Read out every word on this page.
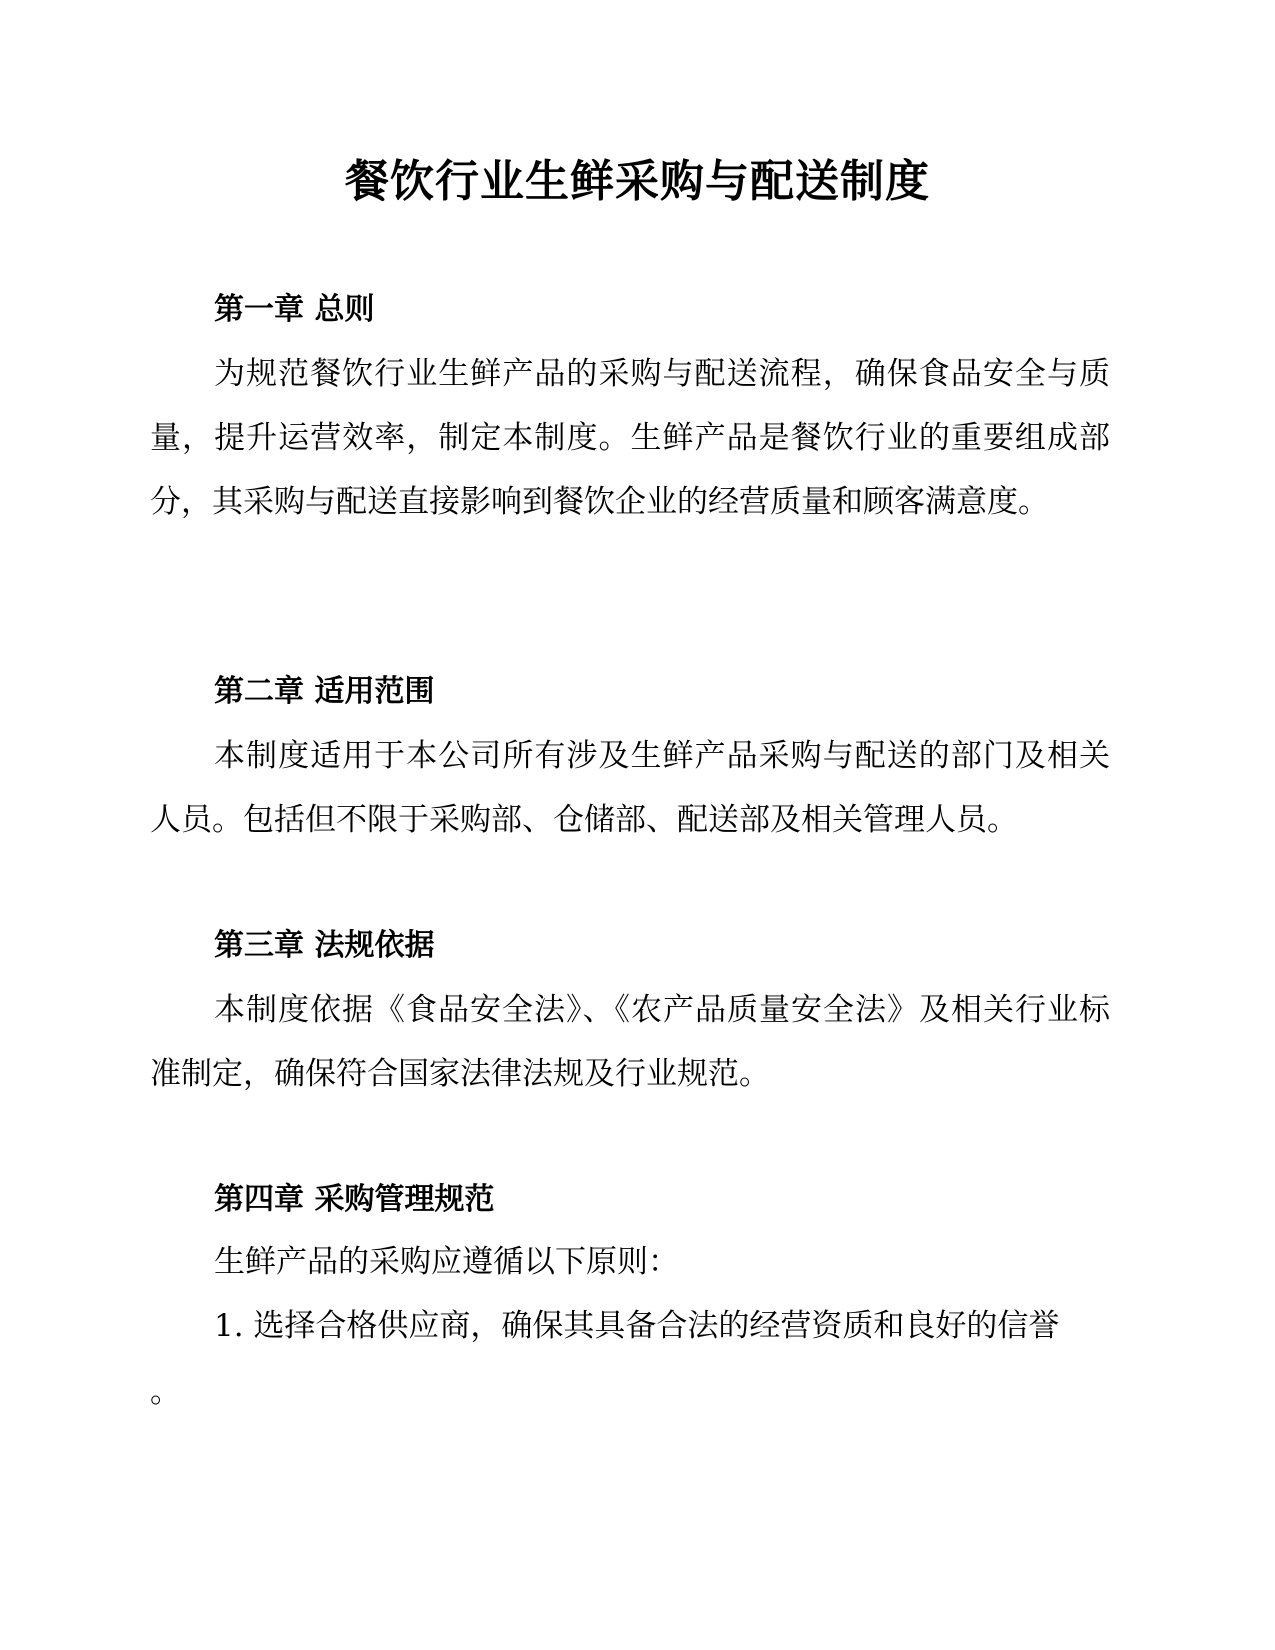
餐饮行业生鲜采购与配送制度
第一章 总则

为规范餐饮行业生鲜产品的采购与配送流程，确保食品安全与质量，提升运营效率，制定本制度。生鲜产品是餐饮行业的重要组成部分，其采购与配送直接影响到餐饮企业的经营质量和顾客满意度。

第二章 适用范围

本制度适用于本公司所有涉及生鲜产品采购与配送的部门及相关人员。包括但不限于采购部、仓储部、配送部及相关管理人员。

第三章 法规依据

本制度依据《食品安全法》、《农产品质量安全法》及相关行业标准制定，确保符合国家法律法规及行业规范。

第四章 采购管理规范

生鲜产品的采购应遵循以下原则：

1. 选择合格供应商，确保其具备合法的经营资质和良好的信誉

。
